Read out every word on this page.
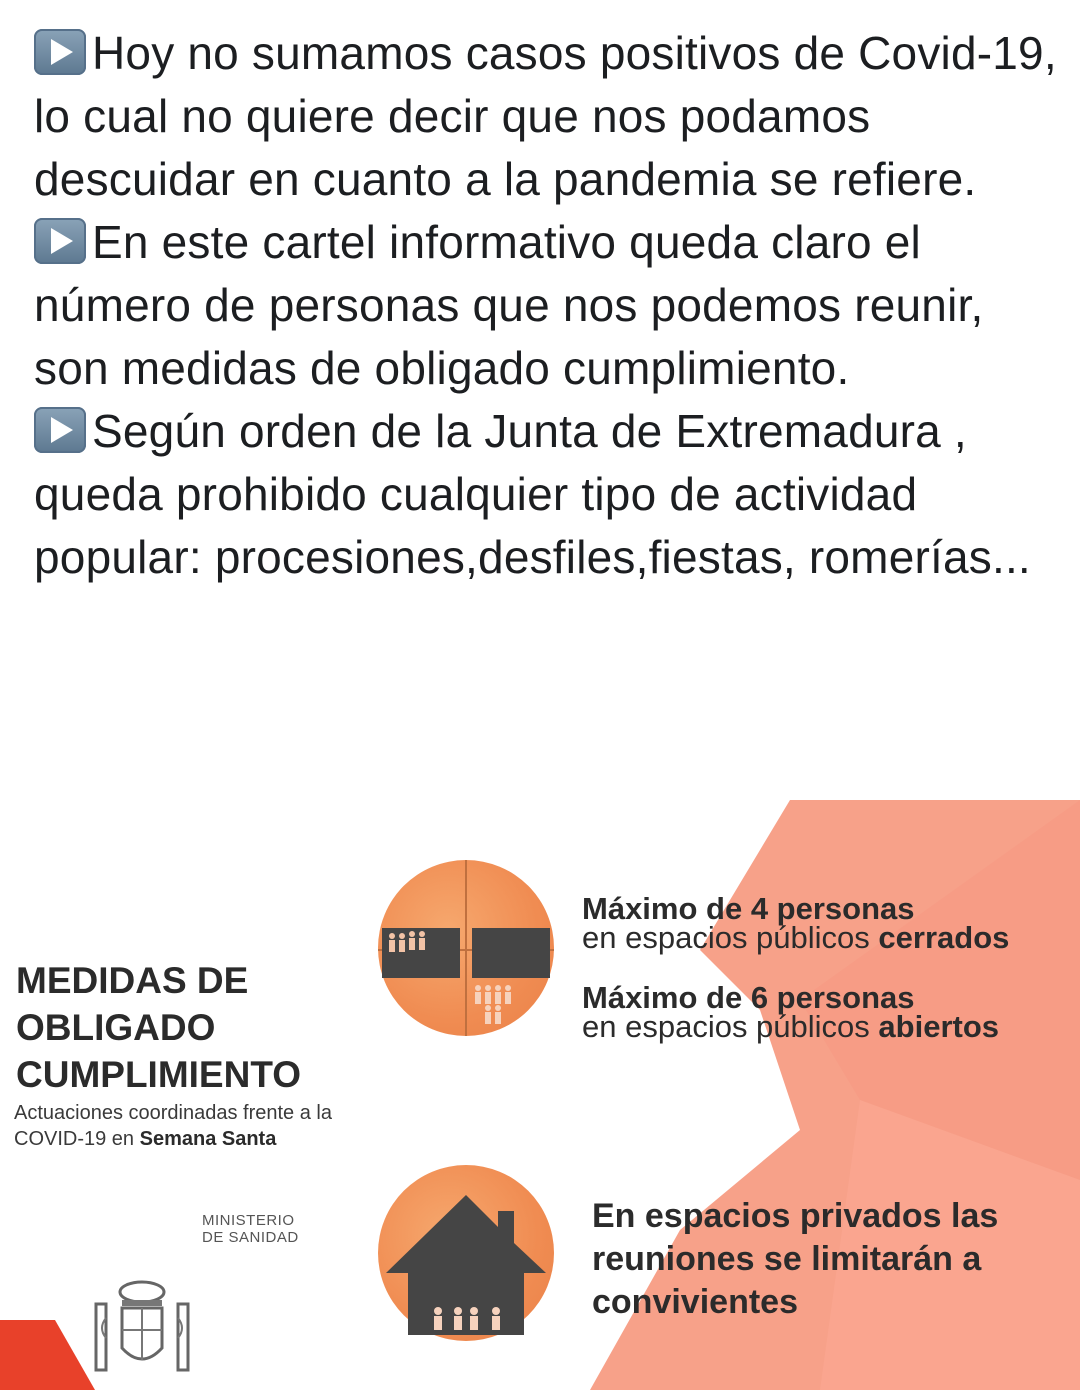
Hoy no sumamos casos positivos de Covid-19, lo cual no quiere decir que nos podamos descuidar en cuanto a la pandemia se refiere.

En este cartel informativo queda claro el número de personas que nos podemos reunir, son medidas de obligado cumplimiento.

Según orden de la Junta de Extremadura , queda prohibido cualquier tipo de actividad popular: procesiones,desfiles,fiestas, romerías...

MEDIDAS DE
OBLIGADO
CUMPLIMIENTO
Actuaciones coordinadas frente a la
COVID-19 en Semana Santa
MINISTERIO
DE SANIDAD
Máximo de 4 personas
en espacios públicos cerrados
Máximo de 6 personas
en espacios públicos abiertos
En espacios privados las reuniones se limitarán a convivientes
